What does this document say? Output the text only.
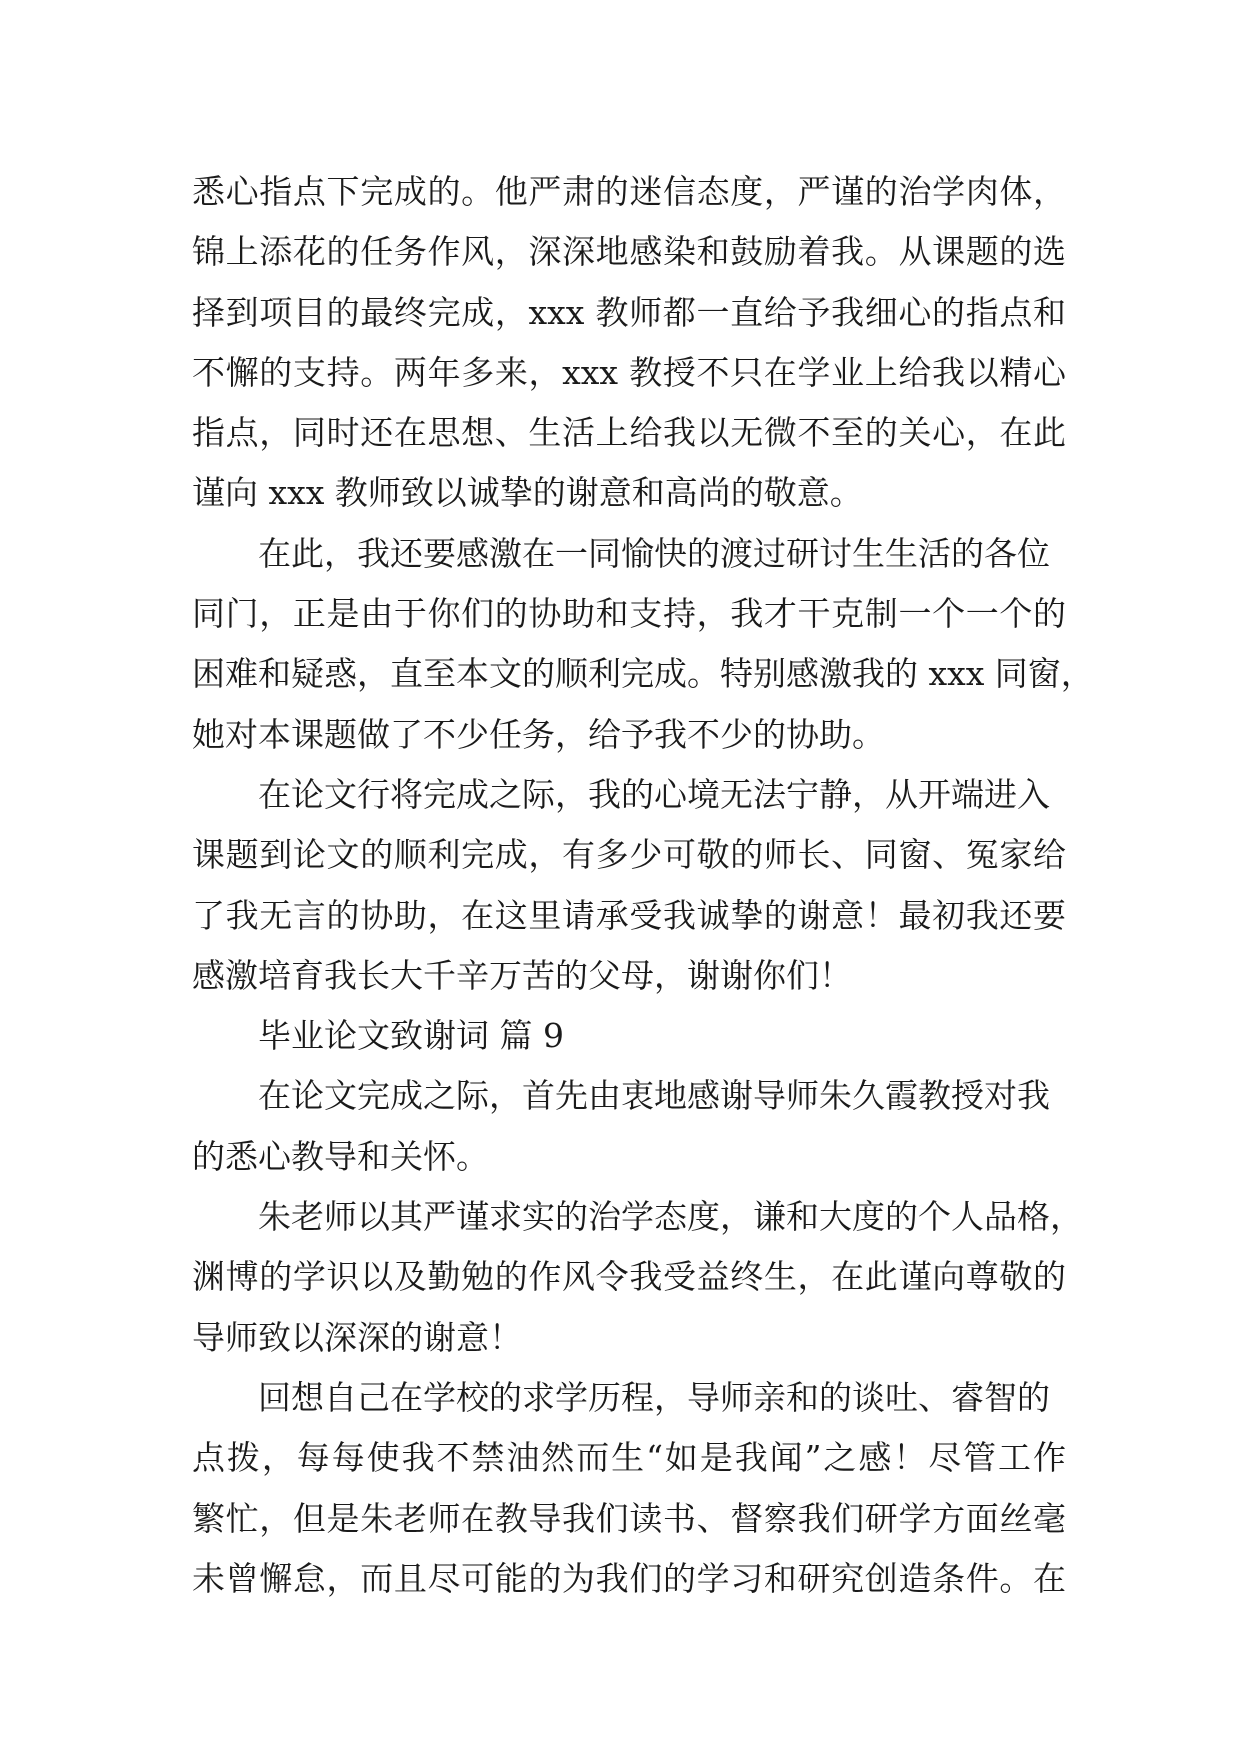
悉心指点下完成的。他严肃的迷信态度，严谨的治学肉体，
锦上添花的任务作风，深深地感染和鼓励着我。从课题的选
择到项目的最终完成，xxx 教师都一直给予我细心的指点和
不懈的支持。两年多来，xxx 教授不只在学业上给我以精心
指点，同时还在思想、生活上给我以无微不至的关心，在此
谨向 xxx 教师致以诚挚的谢意和高尚的敬意。
在此，我还要感激在一同愉快的渡过研讨生生活的各位
同门，正是由于你们的协助和支持，我才干克制一个一个的
困难和疑惑，直至本文的顺利完成。特别感激我的 xxx 同窗，
她对本课题做了不少任务，给予我不少的协助。
在论文行将完成之际，我的心境无法宁静，从开端进入
课题到论文的顺利完成，有多少可敬的师长、同窗、冤家给
了我无言的协助，在这里请承受我诚挚的谢意！最初我还要
感激培育我长大千辛万苦的父母，谢谢你们！
毕业论文致谢词 篇 9
在论文完成之际，首先由衷地感谢导师朱久霞教授对我
的悉心教导和关怀。
朱老师以其严谨求实的治学态度，谦和大度的个人品格，
渊博的学识以及勤勉的作风令我受益终生，在此谨向尊敬的
导师致以深深的谢意！
回想自己在学校的求学历程，导师亲和的谈吐、睿智的
点拨，每每使我不禁油然而生“如是我闻”之感！尽管工作
繁忙，但是朱老师在教导我们读书、督察我们研学方面丝毫
未曾懈怠，而且尽可能的为我们的学习和研究创造条件。在
